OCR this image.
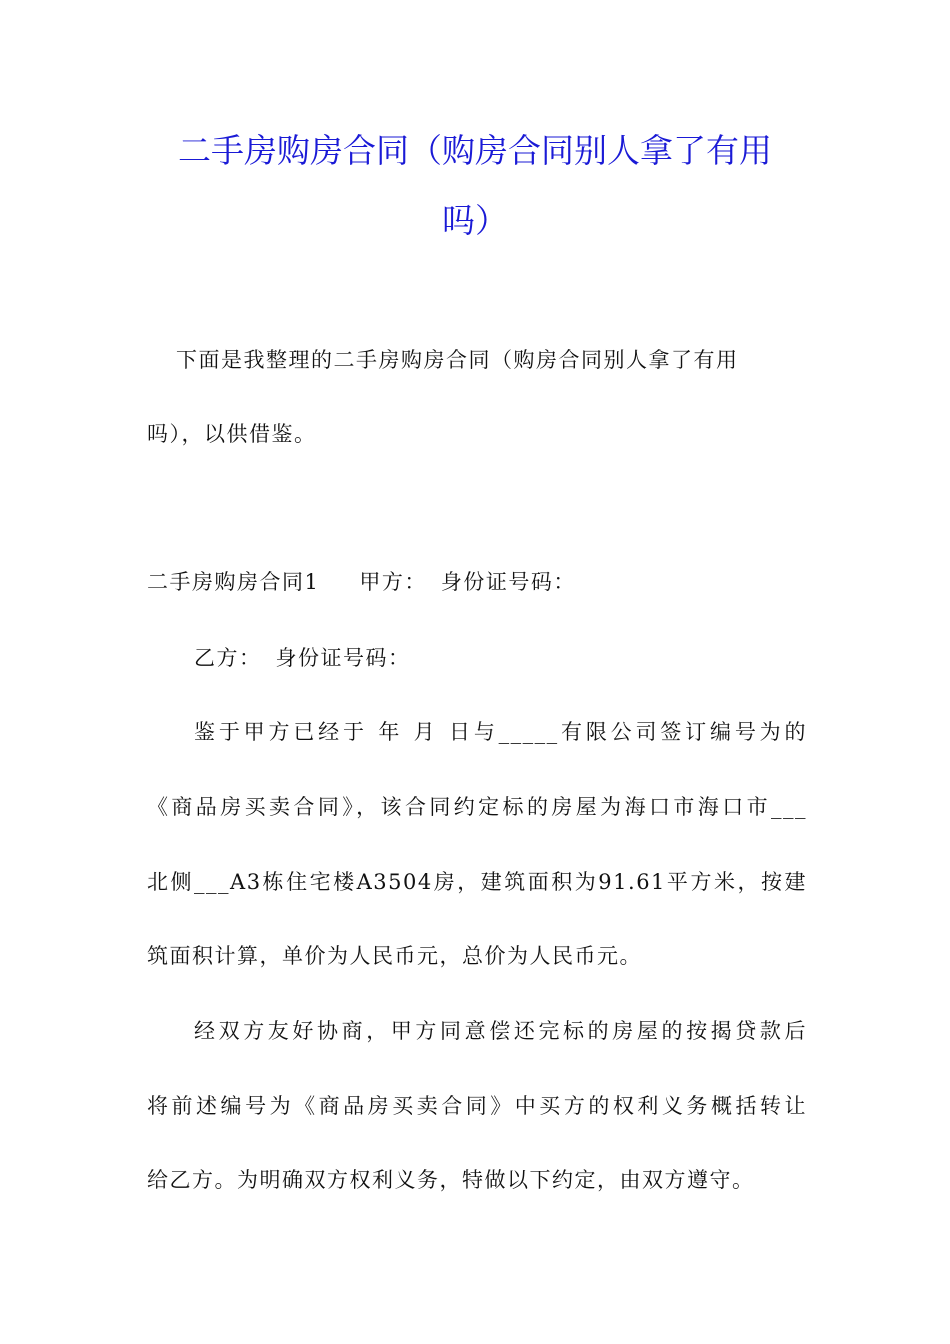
二手房购房合同（购房合同别人拿了有用
吗）
下面是我整理的二手房购房合同（购房合同别人拿了有用
吗），以供借鉴。
二手房购房合同1 甲方： 身份证号码：
乙方： 身份证号码：
鉴于甲方已经于 年 月 日与_____有限公司签订编号为的
《商品房买卖合同》，该合同约定标的房屋为海口市海口市___
北侧___A3栋住宅楼A3504房，建筑面积为91.61平方米，按建
筑面积计算，单价为人民币元，总价为人民币元。
经双方友好协商，甲方同意偿还完标的房屋的按揭贷款后
将前述编号为《商品房买卖合同》中买方的权利义务概括转让
给乙方。为明确双方权利义务，特做以下约定，由双方遵守。
